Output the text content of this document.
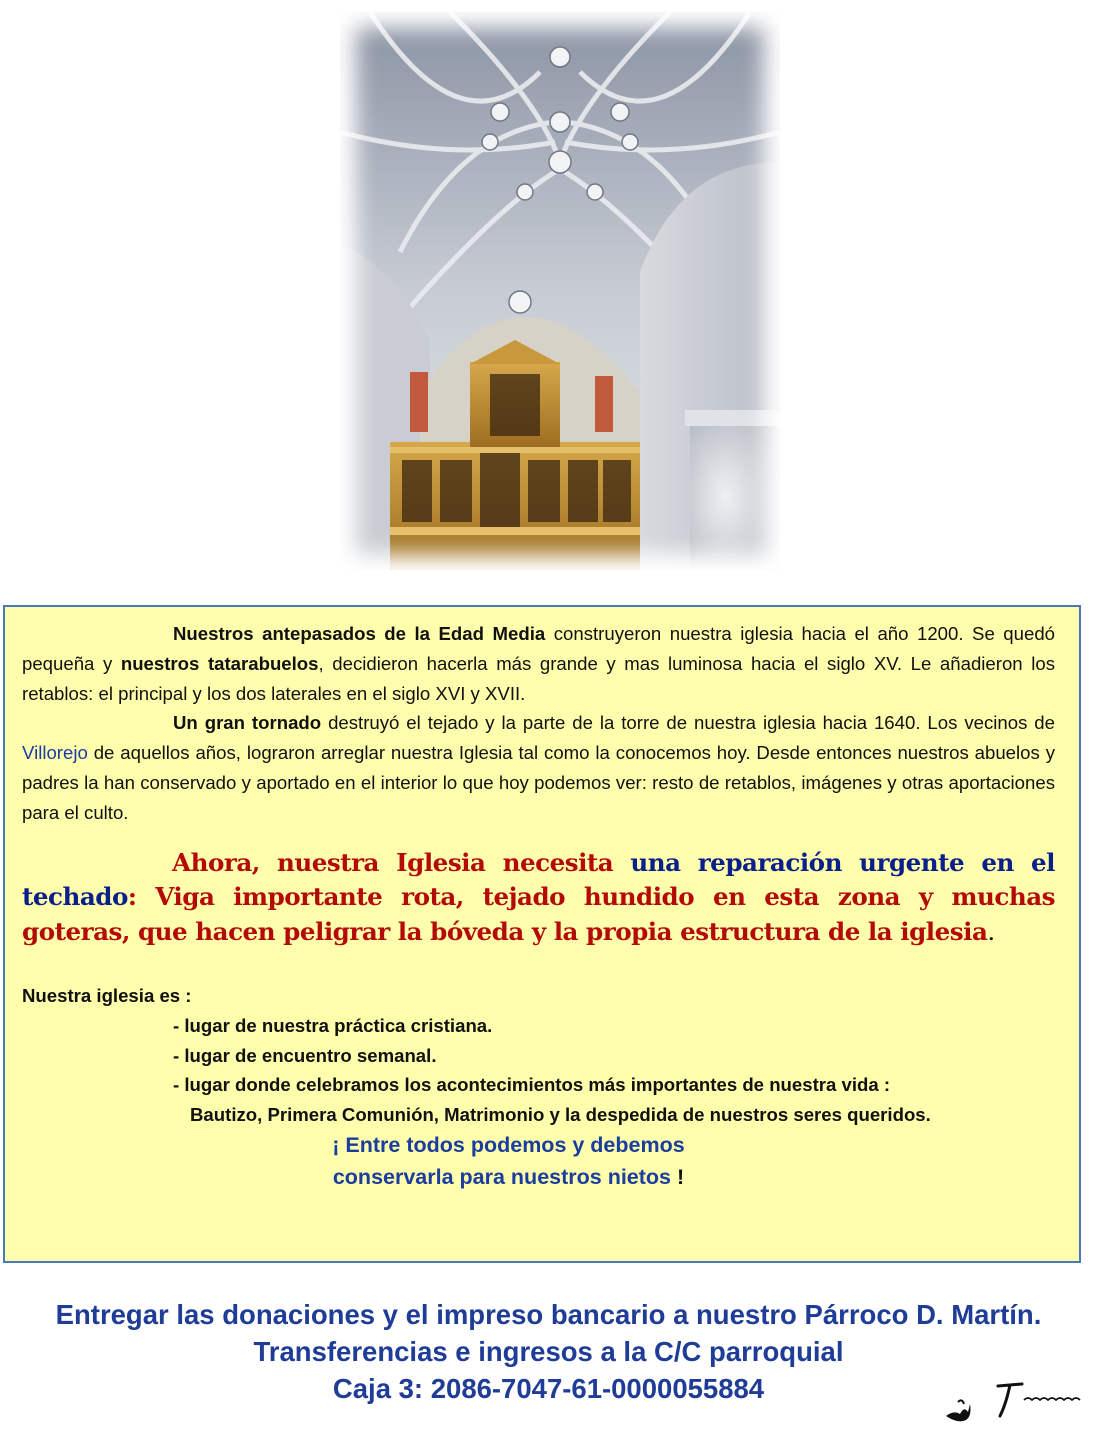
Nuestros antepasados de la Edad Media construyeron nuestra iglesia hacia el año 1200. Se quedó pequeña y nuestros tatarabuelos, decidieron hacerla más grande y mas luminosa hacia el siglo XV. Le añadieron los retablos: el principal y los dos laterales en el siglo XVI y XVII.

Un gran tornado destruyó el tejado y la parte de la torre de nuestra iglesia hacia 1640. Los vecinos de Villorejo de aquellos años, lograron arreglar nuestra Iglesia tal como la conocemos hoy. Desde entonces nuestros abuelos y padres la han conservado y aportado en el interior lo que hoy podemos ver: resto de retablos, imágenes y otras aportaciones para el culto.

Ahora, nuestra Iglesia necesita una reparación urgente en el techado: Viga importante rota, tejado hundido en esta zona y muchas goteras, que hacen peligrar la bóveda y la propia estructura de la iglesia.

Nuestra iglesia es :
- lugar de nuestra práctica cristiana.
- lugar de encuentro semanal.
- lugar donde celebramos los acontecimientos más importantes de nuestra vida :
Bautizo, Primera Comunión, Matrimonio y la despedida de nuestros seres queridos.
¡ Entre todos podemos y debemos
conservarla para nuestros nietos !
Entregar las donaciones y el impreso bancario a nuestro Párroco D. Martín.
Transferencias e ingresos a la C/C parroquial
Caja 3: 2086-7047-61-0000055884
